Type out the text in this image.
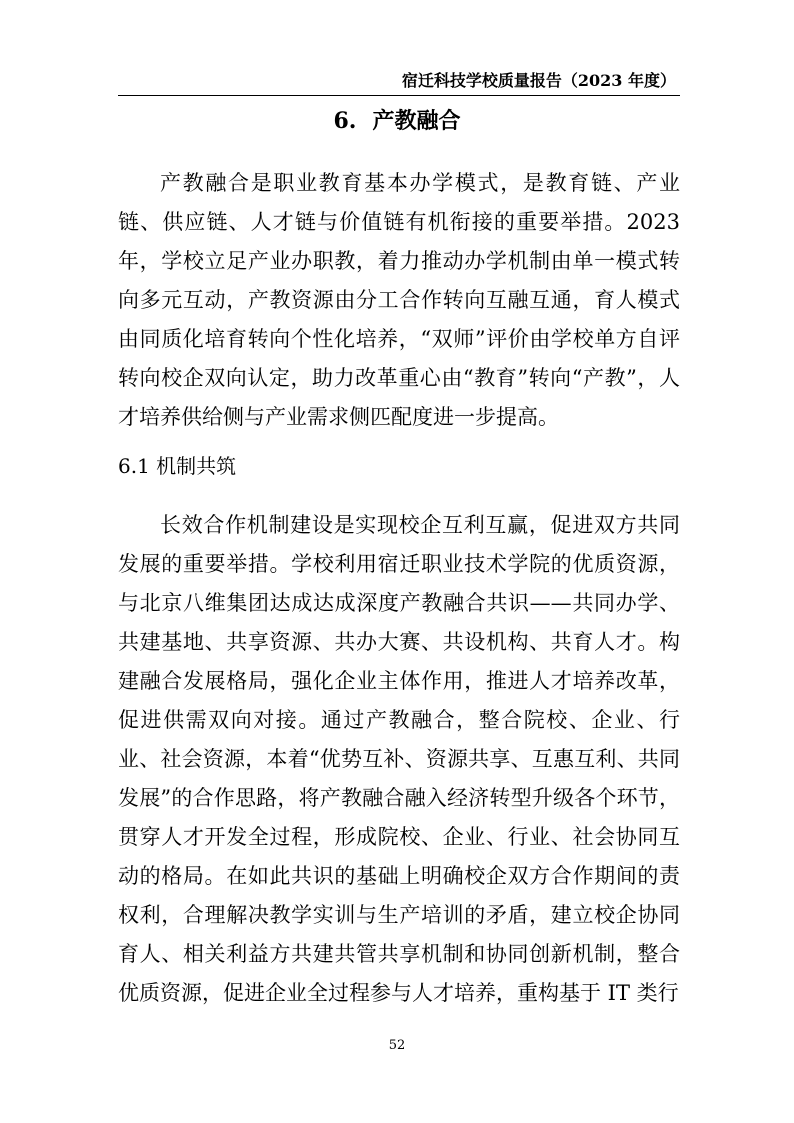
宿迁科技学校质量报告（2023 年度）
6. 产教融合

产教融合是职业教育基本办学模式，是教育链、产业链、供应链、人才链与价值链有机衔接的重要举措。2023 年，学校立足产业办职教，着力推动办学机制由单一模式转向多元互动，产教资源由分工合作转向互融互通，育人模式由同质化培育转向个性化培养，“双师”评价由学校单方自评转向校企双向认定，助力改革重心由“教育”转向“产教”，人才培养供给侧与产业需求侧匹配度进一步提高。

6.1 机制共筑

长效合作机制建设是实现校企互利互赢，促进双方共同发展的重要举措。学校利用宿迁职业技术学院的优质资源，与北京八维集团达成达成深度产教融合共识——共同办学、共建基地、共享资源、共办大赛、共设机构、共育人才。构建融合发展格局，强化企业主体作用，推进人才培养改革，促进供需双向对接。通过产教融合，整合院校、企业、行业、社会资源，本着“优势互补、资源共享、互惠互利、共同发展”的合作思路，将产教融合融入经济转型升级各个环节，贯穿人才开发全过程，形成院校、企业、行业、社会协同互动的格局。在如此共识的基础上明确校企双方合作期间的责权利，合理解决教学实训与生产培训的矛盾，建立校企协同育人、相关利益方共建共管共享机制和协同创新机制，整合优质资源，促进企业全过程参与人才培养，重构基于 IT 类行

52
